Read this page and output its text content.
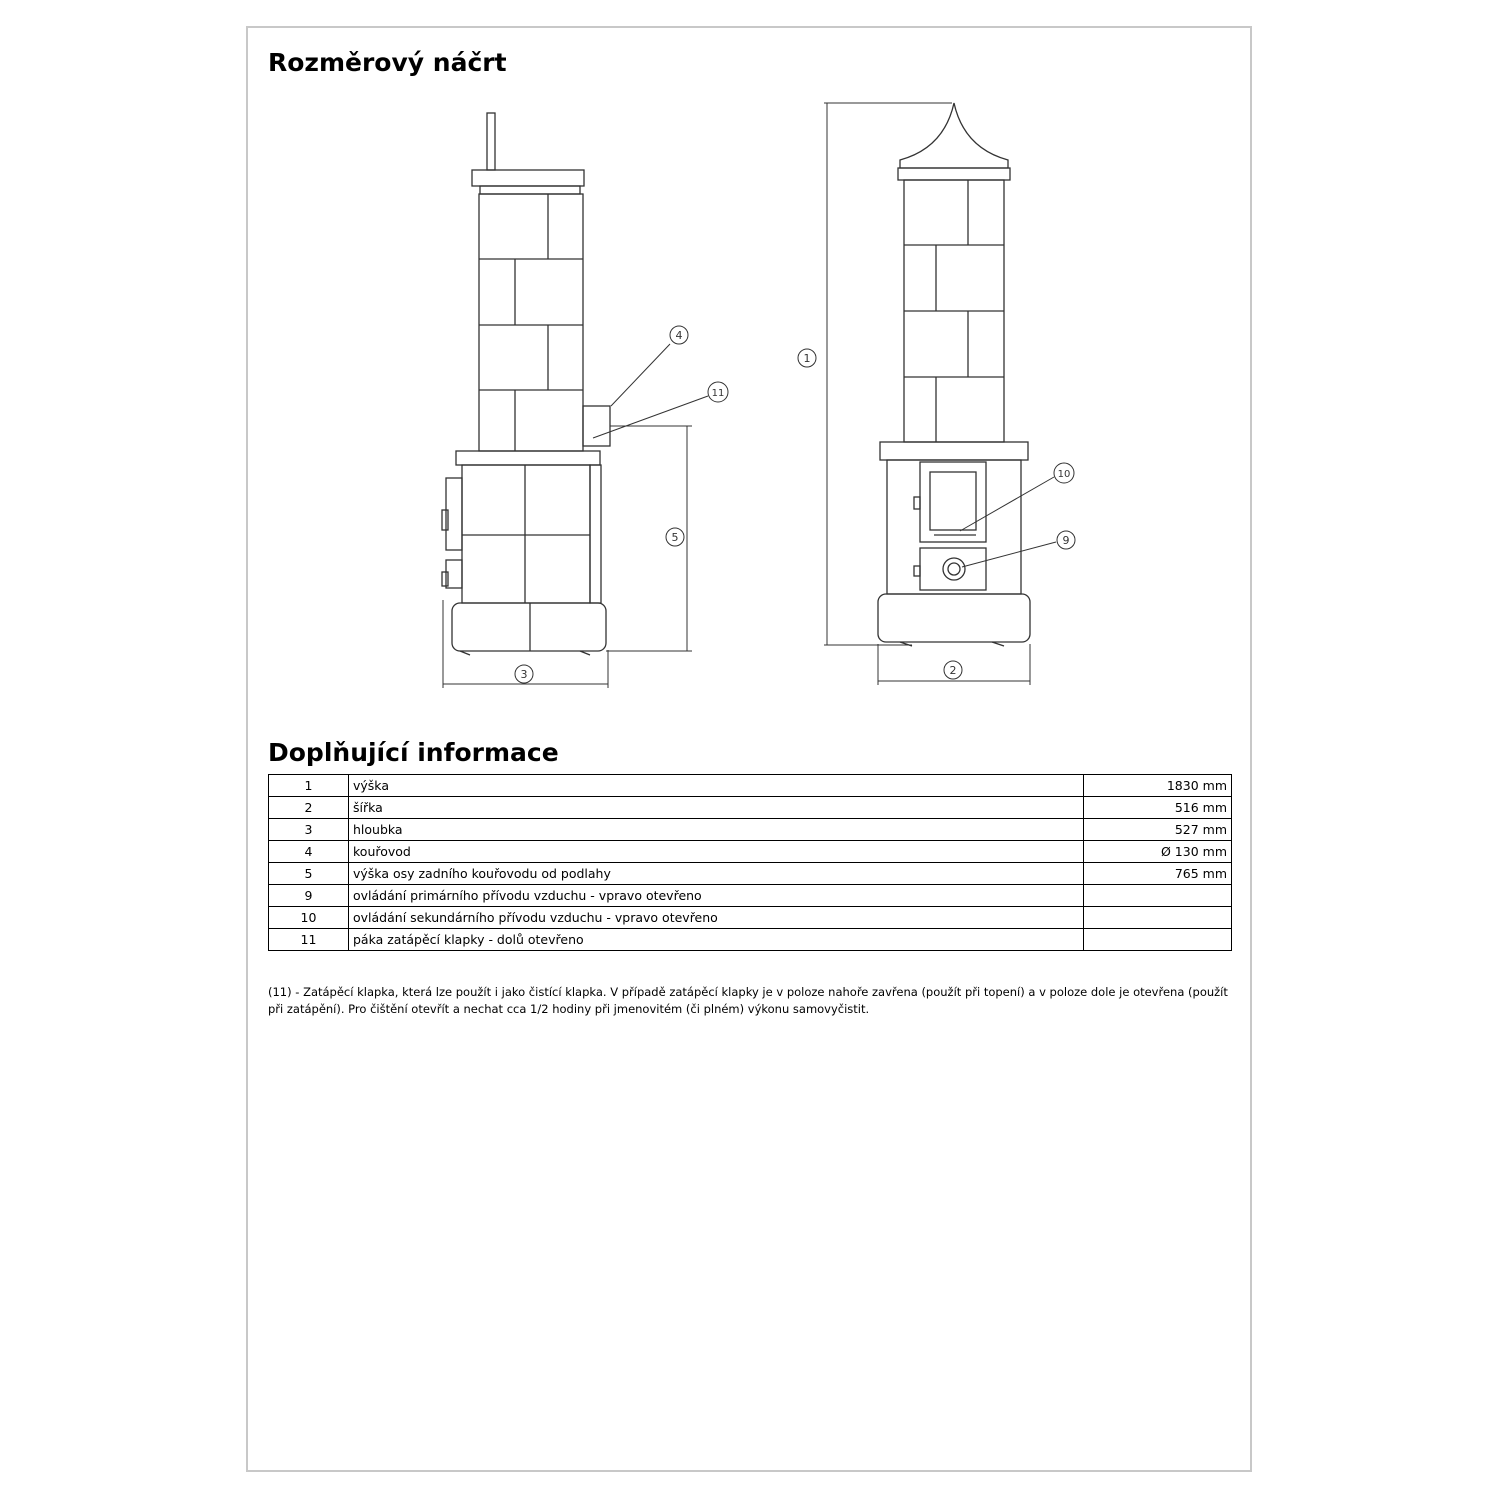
Rozměrový náčrt
1
2
3
4
5	9
10
11
Doplňující informace
1	výška	1830 mm
2	šířka	516 mm
3	hloubka	527 mm
4	kouřovod	Ø 130 mm
5	výška osy zadního kouřovodu od podlahy	765 mm
9	ovládání primárního přívodu vzduchu - vpravo otevřeno	
10	ovládání sekundárního přívodu vzduchu - vpravo otevřeno	
11	páka zatápěcí klapky - dolů otevřeno	

(11) - Zatápěcí klapka, která lze použít i jako čistící klapka. V případě zatápěcí klapky je v poloze nahoře zavřena (použít při topení) a v poloze dole je otevřena (použít při zatápění). Pro čištění otevřít a nechat cca 1/2 hodiny při jmenovitém (či plném) výkonu samovyčistit.
